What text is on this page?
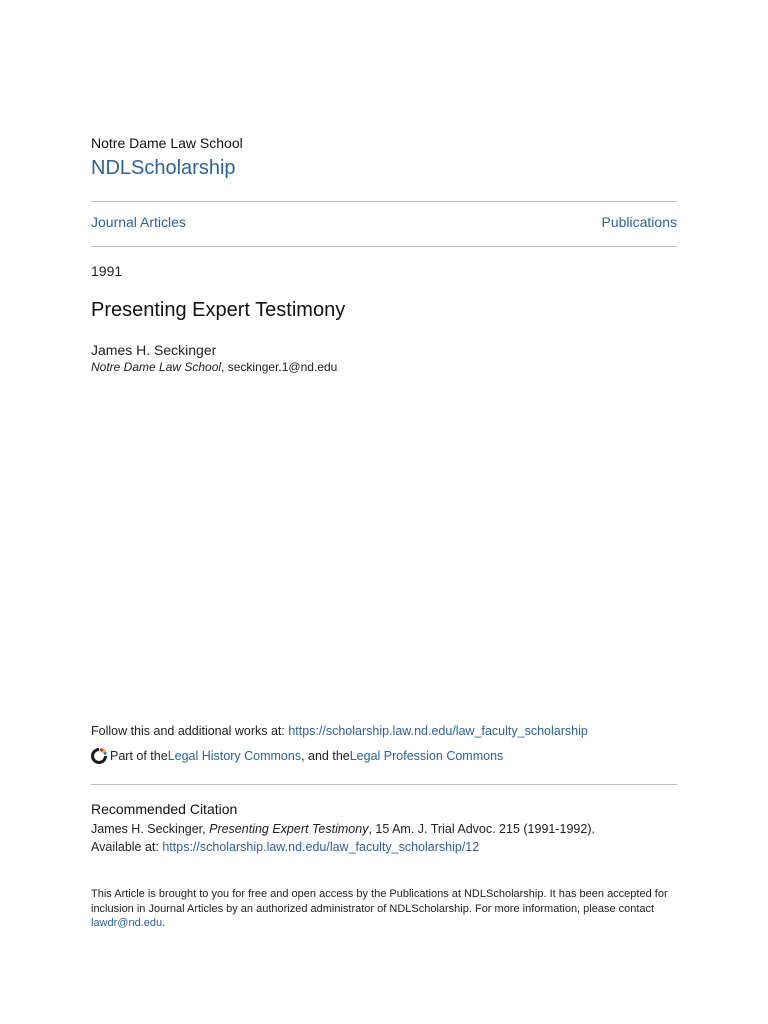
Notre Dame Law School
NDLScholarship
Journal Articles	Publications
1991
Presenting Expert Testimony
James H. Seckinger
Notre Dame Law School, seckinger.1@nd.edu
Follow this and additional works at: https://scholarship.law.nd.edu/law_faculty_scholarship
Part of the Legal History Commons , and the Legal Profession Commons
Recommended Citation
James H. Seckinger, Presenting Expert Testimony, 15 Am. J. Trial Advoc. 215 (1991-1992).
Available at: https://scholarship.law.nd.edu/law_faculty_scholarship/12
This Article is brought to you for free and open access by the Publications at NDLScholarship. It has been accepted for inclusion in Journal Articles by an authorized administrator of NDLScholarship. For more information, please contact lawdr@nd.edu.
